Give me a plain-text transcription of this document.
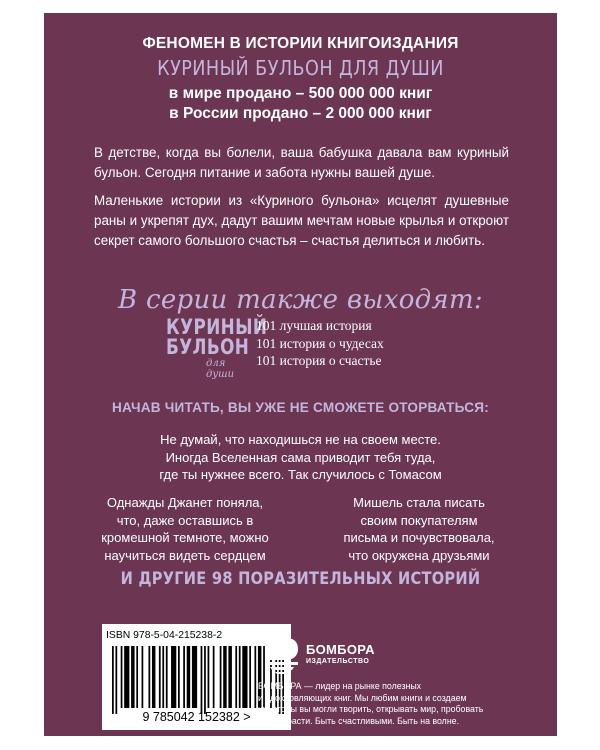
ФЕНОМЕН В ИСТОРИИ КНИГОИЗДАНИЯ
КУРИНЫЙ БУЛЬОН ДЛЯ ДУШИ
в мире продано – 500 000 000 книг
в России продано – 2 000 000 книг
В детстве, когда вы болели, ваша бабушка давала вам куриный бульон. Сегодня питание и забота нужны вашей душе.
Маленькие истории из «Куриного бульона» исцелят душевные раны и укрепят дух, дадут вашим мечтам новые крылья и откроют секрет самого большого счастья – счастья делиться и любить.
В серии также выходят:
КУРИНЫЙ
БУЛЬОН
для души
101 лучшая история
101 история о чудесах
101 история о счастье
НАЧАВ ЧИТАТЬ, ВЫ УЖЕ НЕ СМОЖЕТЕ ОТОРВАТЬСЯ:
Не думай, что находишься не на своем месте.
Иногда Вселенная сама приводит тебя туда,
где ты нужнее всего. Так случилось с Томасом
Однажды Джанет поняла,
что, даже оставшись в
кромешной темноте, можно
научиться видеть сердцем
Мишель стала писать
своим покупателям
письма и почувствовала,
что окружена друзьями
И ДРУГИЕ 98 ПОРАЗИТЕЛЬНЫХ ИСТОРИЙ
ISBN 978-5-04-215238-2
9 785042 152382 >
БОМБОРА
ИЗДАТЕЛЬСТВО
БОМБОРА — лидер на рынке полезных
и вдохновляющих книг. Мы любим книги и создаем
их, чтобы вы могли творить, открывать мир, пробовать
новое, расти. Быть счастливыми. Быть на волне.
